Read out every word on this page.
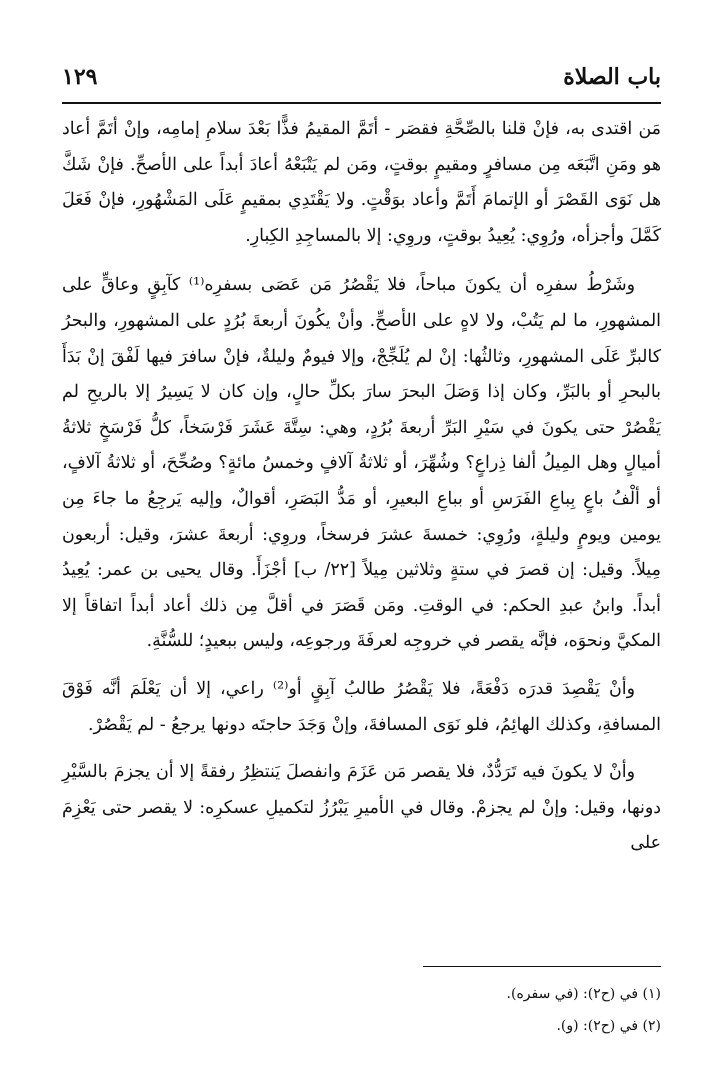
باب الصلاة
١٢٩

مَن اقتدى به، فإنْ قلنا بالصِّحَّةِ فقصَر - أتَمَّ المقيمُ فذًّا بَعْدَ سلامِ إمامِه، وإنْ أتَمَّ أعاد هو ومَنِ اتَّبَعَه مِن مسافرٍ ومقيمٍ بوقتٍ، ومَن لم يَتْبَعْهُ أعادَ أبداً على الأصحِّ. فإنْ شَكَّ هل نَوَى القَصْرَ أو الإتمامَ أَتَمَّ وأعاد بوَقْتٍ. ولا يَقْتَدِي بمقيمٍ عَلَى المَشْهُورِ، فإنْ فَعَلَ كَمَّلَ وأجزأه، ورُوِي: يُعِيدُ بوقتٍ، وروِي: إلا بالمساجِدِ الكِبارِ.

وشَرْطُ سفرِه أن يكونَ مباحاً، فلا يَقْصُرُ مَن عَصَى بسفرِه⁽¹⁾ كآبِقٍ وعاقٍّ على المشهورِ، ما لم يَتُبْ، ولا لاهٍ على الأصحِّ. وأنْ يكُونَ أربعةَ بُرُدٍ على المشهورِ، والبحرُ كالبرِّ عَلَى المشهورِ، وثالثُها: إنْ لم يُلَجِّجْ، وإلا فيومٌ وليلةٌ، فإنْ سافرَ فيها لَفْقَ إنْ بَدَأَ بالبحرِ أو بالبَرِّ، وكان إذا وَصَلَ البحرَ سارَ بكلِّ حالٍ، وإن كان لا يَسِيرُ إلا بالريحِ لم يَقْصُرْ حتى يكونَ في سَيْرِ البَرِّ أربعةَ بُرُدٍ، وهي: سِتَّةَ عَشَرَ فَرْسَخاً، كلُّ فَرْسَخٍ ثلاثةُ أميالٍ وهل المِيلُ ألفا ذِراعٍ؟ وشُهِّرَ، أو ثلاثةُ آلافٍ وخمسُ مائةٍ؟ وصُحِّحَ، أو ثلاثةُ آلافٍ، أو ألْفُ باعٍ بِباعِ الفَرَسِ أو بباعِ البعيرِ، أو مَدُّ البَصَرِ، أقوالٌ، وإليه يَرجِعُ ما جاءَ مِن يومين ويومٍ وليلةٍ، ورُوِي: خمسةَ عشرَ فرسخاً، وروِي: أربعةَ عشرَ، وقيل: أربعون مِيلاً. وقيل: إن قصرَ في ستةٍ وثلاثين مِيلاً [٢٢/ ب] أجْزَأَ. وقال يحيى بن عمر: يُعِيدُ أبداً. وابنُ عبدِ الحكم: في الوقتِ. ومَن قَصَرَ في أقلَّ مِن ذلك أعاد أبداً اتفاقاً إلا المكيَّ ونحوَه، فإنَّه يقصر في خروجِه لعرفَةَ ورجوعِه، وليس ببعيدٍ؛ للسُّنَّةِ.

وأنْ يَقْصِدَ قدرَه دَفْعَةً، فلا يَقْصُرُ طالبُ آبِقٍ أو⁽²⁾ راعي، إلا أن يَعْلَمَ أنَّه فَوْقَ المسافةِ، وكذلك الهائِمُ، فلو نَوَى المسافةَ، وإنْ وَجَدَ حاجتَه دونها يرجعُ - لم يَقْصُرْ.

وأنْ لا يكونَ فيه تَرَدُّدٌ، فلا يقصر مَن عَزَمَ وانفصلَ يَنتظِرُ رفقةً إلا أن يجزمَ بالسَّيْرِ دونها، وقيل: وإنْ لم يجزمْ. وقال في الأميرِ يَبْرُزُ لتكميلِ عسكرِه: لا يقصر حتى يَعْزِمَ على

(١) في (ح٢): (في سفره).
(٢) في (ح٢): (و).
